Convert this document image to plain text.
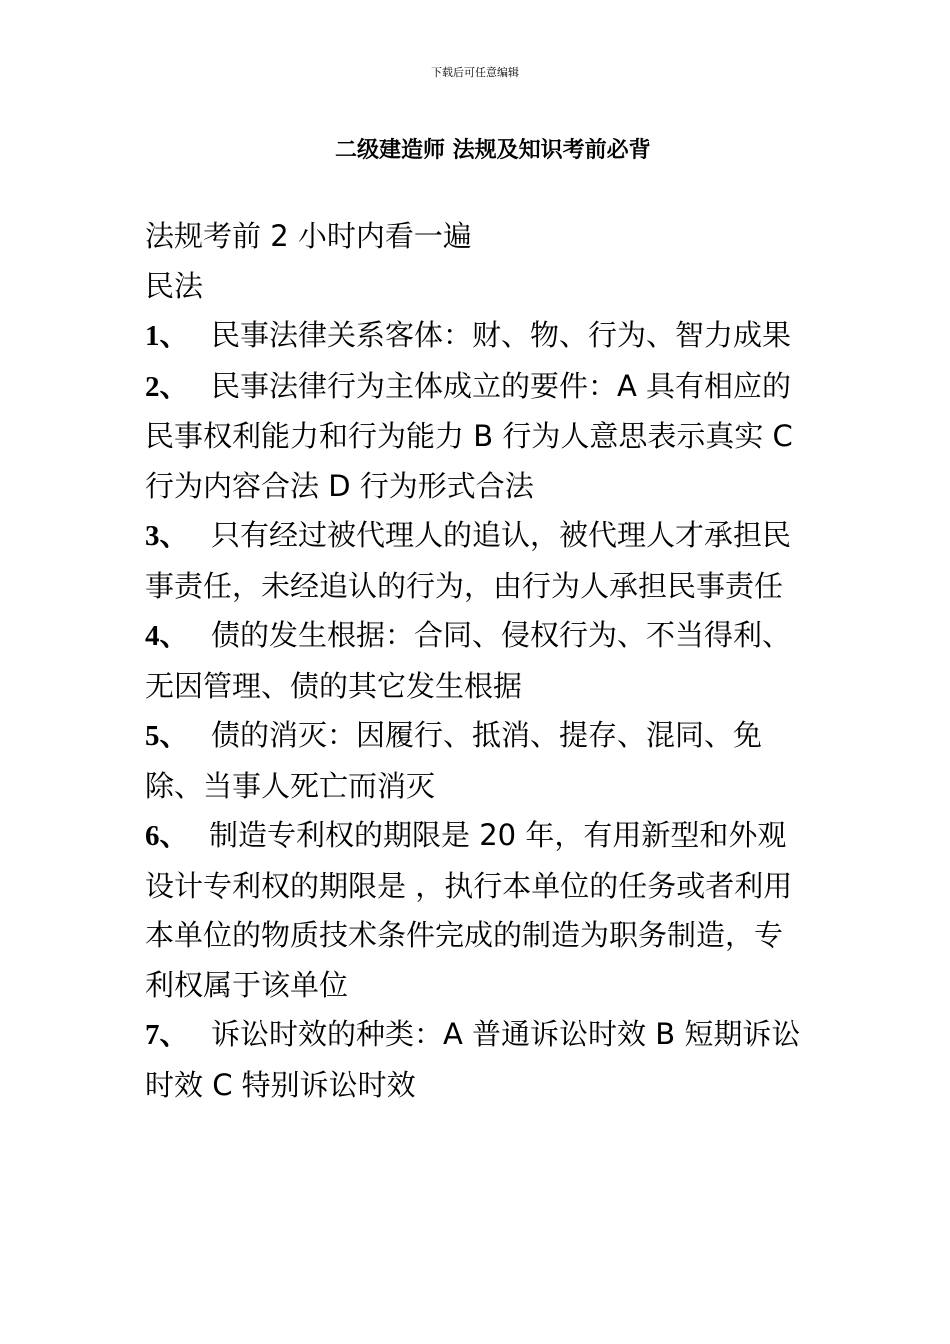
下载后可任意编辑
二级建造师 法规及知识考前必背

法规考前 2 小时内看一遍

民法

1、 民事法律关系客体：财、物、行为、智力成果

2、 民事法律行为主体成立的要件：A 具有相应的民事权利能力和行为能力 B 行为人意思表示真实 C 行为内容合法 D 行为形式合法

3、 只有经过被代理人的追认，被代理人才承担民事责任，未经追认的行为，由行为人承担民事责任

4、 债的发生根据：合同、侵权行为、不当得利、无因管理、债的其它发生根据

5、 债的消灭：因履行、抵消、提存、混同、免除、当事人死亡而消灭

6、 制造专利权的期限是 20 年，有用新型和外观设计专利权的期限是 ，执行本单位的任务或者利用本单位的物质技术条件完成的制造为职务制造，专利权属于该单位

7、 诉讼时效的种类：A 普通诉讼时效 B 短期诉讼时效 C 特别诉讼时效
